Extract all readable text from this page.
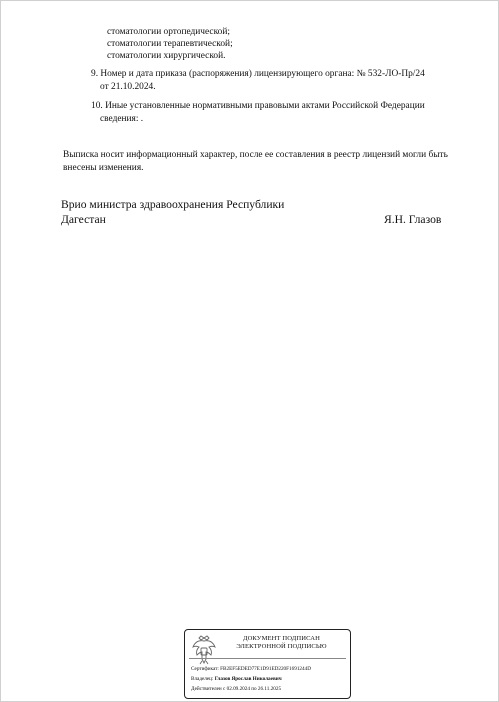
стоматологии ортопедической;
стоматологии терапевтической;
стоматологии хирургической.
9. Номер и дата приказа (распоряжения) лицензирующего органа: № 532-ЛО-Пр/24
от 21.10.2024.
10. Иные установленные нормативными правовыми актами Российской Федерации
сведения: .
Выписка носит информационный характер, после ее составления в реестр лицензий могли быть
внесены изменения.
Врио министра здравоохранения Республики
Дагестан	Я.Н. Глазов
ДОКУМЕНТ ПОДПИСАН
ЭЛЕКТРОННОЙ ПОДПИСЬЮ
Сертификат: FB2EF5EDED77E1D91ED220F1691244D
Владелец: Глазов Ярослав Николаевич
Действителен с 02.09.2024 по 26.11.2025
